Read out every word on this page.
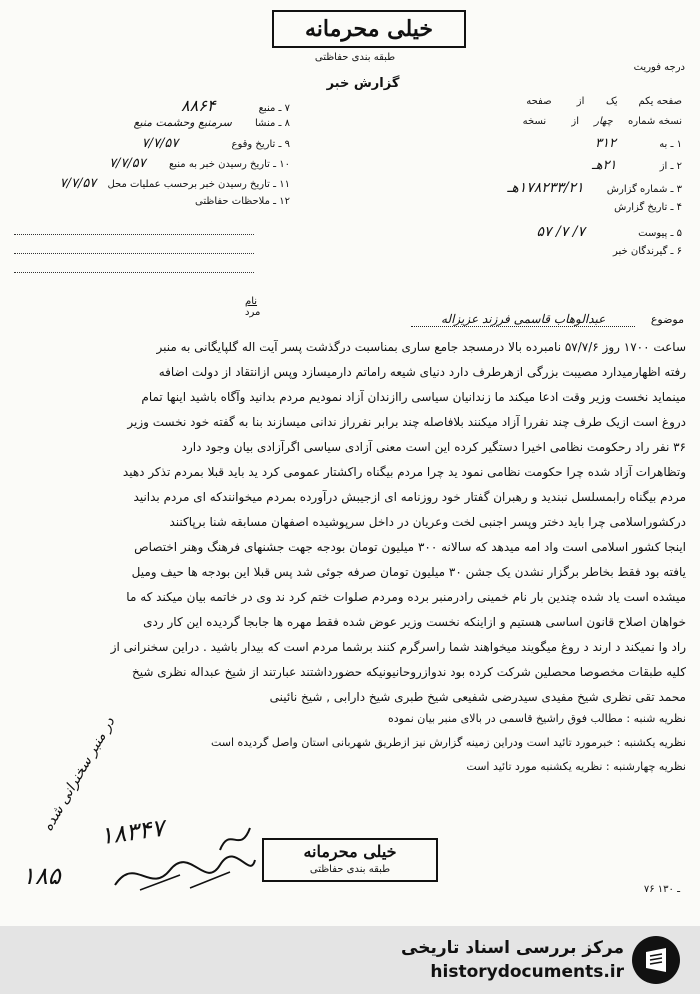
خیلی محرمانه
طبقه بندی حفاظتی
گزارش خبر
درجه فوریت
صفحه یکم یک از صفحه
نسخه شماره چهار از نسخه
۱ ـ به ۳۱۲
۲ ـ از ۲۱هـ
۳ ـ شماره گزارش ۱۷۸۲۳۳/۲۱هـ
۴ ـ تاریخ گزارش
۵ ـ پیوست ۷/ ۷/ ۵۷
۶ ـ گیرندگان خبر
۷ ـ منبع ۸۸۶۴
۸ ـ منشا سرمنبع وحشمت منبع
۹ ـ تاریخ وقوع ۷/۷/۵۷
۱۰ ـ تاریخ رسیدن خبر به منبع ۷/۷/۵۷
۱۱ ـ تاریخ رسیدن خبر برحسب عملیات محل ۷/۷/۵۷
۱۲ ـ ملاحظات حفاظتی
موضوع عبدالوهاب قاسمی فرزند عزیزاله
نام
مرد
ساعت ۱۷۰۰ روز ۵۷/۷/۶ نامبرده بالا درمسجد جامع ساری بمناسبت درگذشت پسر آیت اله گلپایگانی به منبر
رفته اظهارمیدارد مصیبت بزرگی ازهرطرف دارد دنیای شیعه راماتم دارمیسازد وپس ازانتقاد از دولت اضافه
مینماید نخست وزیر وقت ادعا میکند ما زندانیان سیاسی راازندان آزاد نمودیم مردم بدانید وآگاه باشید اینها تمام
دروغ است ازیک طرف چند نفررا آزاد میکنند بلافاصله چند برابر نفرراز ندانی میسازند بنا به گفته خود نخست وزیر
۳۶ نفر راد رحکومت نظامی اخیرا دستگیر کرده این است معنی آزادی سیاسی اگرآزادی بیان وجود دارد
وتظاهرات آزاد شده چرا حکومت نظامی نمود ید چرا مردم بیگناه راکشتار عمومی کرد ید باید قبلا بمردم تذکر دهید
مردم بیگناه رابمسلسل نبندید و رهبران گفتار خود روزنامه ای ازجیبش درآورده بمردم میخوانندکه ای مردم بدانید
درکشوراسلامی چرا باید دختر وپسر اجنبی لخت وعریان در داخل سرپوشیده اصفهان مسابقه شنا برپاکنند
اینجا کشور اسلامی است واد امه میدهد که سالانه ۳۰۰ میلیون تومان بودجه جهت جشنهای فرهنگ وهنر اختصاص
یافته بود فقط بخاطر برگزار نشدن یک جشن ۳۰ میلیون تومان صرفه جوئی شد پس قبلا این بودجه ها حیف ومیل
میشده است یاد شده چندین بار نام خمینی رادرمنبر برده ومردم صلوات ختم کرد ند وی در خاتمه بیان میکند که ما
خواهان اصلاح قانون اساسی هستیم و ازاینکه نخست وزیر عوض شده فقط مهره ها جابجا گردیده این کار ردی
راد وا نمیکند د ارند د روغ میگویند میخواهند شما راسرگرم کنند برشما مردم است که بیدار باشید . دراین سخنرانی از
کلیه طبقات مخصوصا محصلین شرکت کرده بود ندوازروحانیونیکه حضورداشتند عبارتند از شیخ عبداله نظری شیخ
محمد تقی نظری شیخ مفیدی سیدرضی شفیعی شیخ طبری شیخ دارابی , شیخ نائینی
نظریه شنبه : مطالب فوق راشیخ قاسمی در بالای منبر بیان نموده
نظریه یکشنبه : خبرمورد تائید است ودراین زمینه گزارش نیز ازطریق شهربانی استان واصل گردیده است
نظریه چهارشنبه : نظریه یکشنبه مورد تائید است
۱۸۳۴۷
۱۸۵
در منبر سخنرانی شده
خیلی محرمانه
طبقه بندی حفاظتی
۷۶ ـ ۱۳۰
مرکز بررسی اسناد تاریخی
historydocuments.ir
